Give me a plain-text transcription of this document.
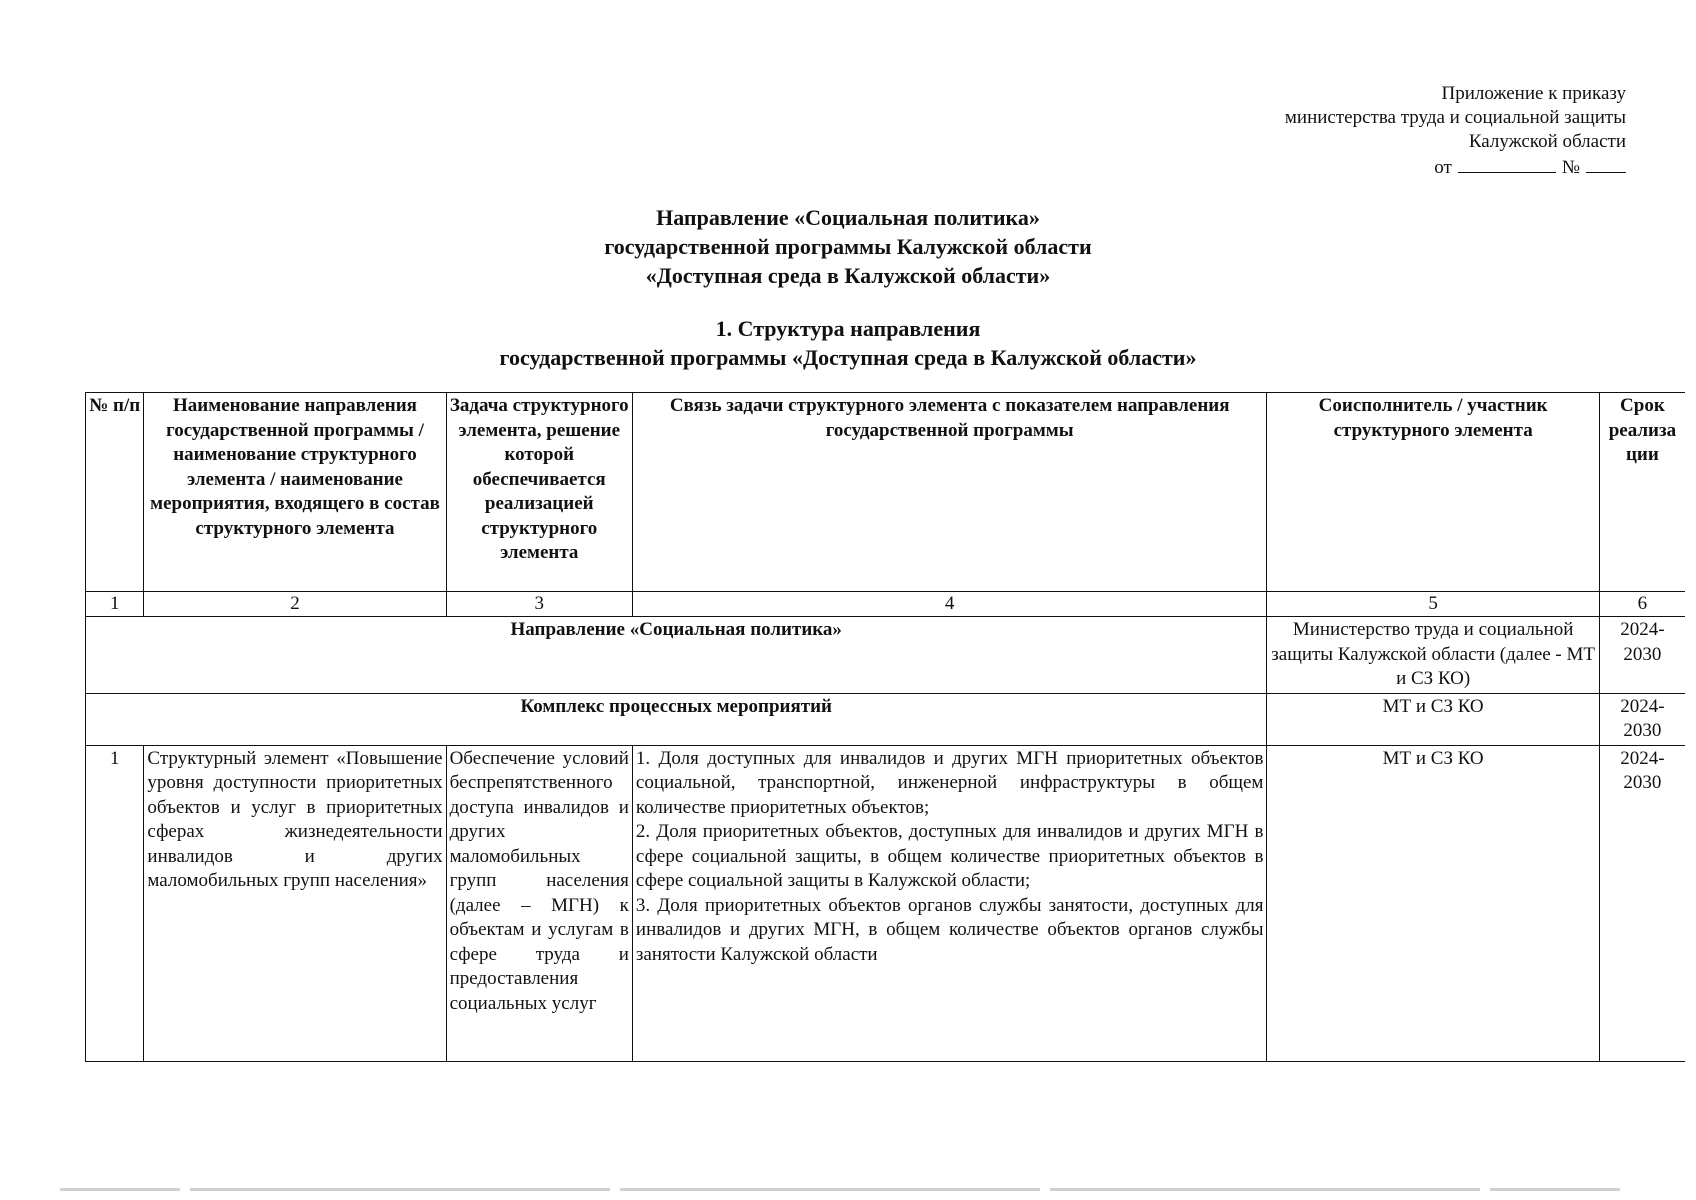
Приложение к приказу
министерства труда и социальной защиты
Калужской области
от	№
Направление «Социальная политика»
государственной программы Калужской области
«Доступная среда в Калужской области»
1. Структура направления
государственной программы «Доступная среда в Калужской области»
№ п/п	Наименование направления государственной программы / наименование структурного элемента / наименование мероприятия, входящего в состав структурного элемента	Задача структурного элемента, решение которой обеспечивается реализацией структурного элемента	Связь задачи структурного элемента с показателем направления государственной программы	Соисполнитель / участник структурного элемента	Срок реализа ции
1	2	3	4	5	6
Направление «Социальная политика»				Министерство труда и социальной защиты Калужской области (далее - МТ и СЗ КО)	2024-2030
Комплекс процессных мероприятий				МТ и СЗ КО	2024-2030
1	Структурный элемент «Повышение уровня доступности приоритетных объектов и услуг в приоритетных сферах жизнедеятельности инвалидов и других маломобильных групп населения»	Обеспечение условий беспрепятственного доступа инвалидов и других маломобильных групп населения (далее – МГН) к объектам и услугам в сфере труда и предоставления социальных услуг	1. Доля доступных для инвалидов и других МГН приоритетных объектов социальной, транспортной, инженерной инфраструктуры в общем количестве приоритетных объектов;
2. Доля приоритетных объектов, доступных для инвалидов и других МГН в сфере социальной защиты, в общем количестве приоритетных объектов в сфере социальной защиты в Калужской области;
3. Доля приоритетных объектов органов службы занятости, доступных для инвалидов и других МГН, в общем количестве объектов органов службы занятости Калужской области	МТ и СЗ КО	2024-2030
